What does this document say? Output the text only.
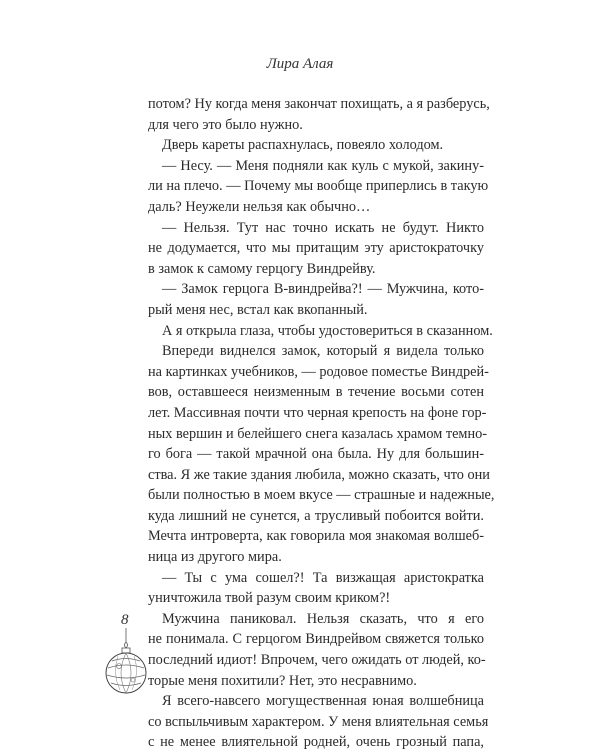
Лира Алая
потом? Ну когда меня закончат похищать, а я разберусь,
для чего это было нужно.
Дверь кареты распахнулась, повеяло холодом.
— Несу. — Меня подняли как куль с мукой, закину-
ли на плечо. — Почему мы вообще приперлись в такую
даль? Неужели нельзя как обычно…
— Нельзя. Тут нас точно искать не будут. Никто
не додумается, что мы притащим эту аристократочку
в замок к самому герцогу Виндрейву.
— Замок герцога В-виндрейва?! — Мужчина, кото-
рый меня нес, встал как вкопанный.
А я открыла глаза, чтобы удостовериться в сказанном.
Впереди виднелся замок, который я видела только
на картинках учебников, — родовое поместье Виндрей-
вов, оставшееся неизменным в течение восьми сотен
лет. Массивная почти что черная крепость на фоне гор-
ных вершин и белейшего снега казалась храмом темно-
го бога — такой мрачной она была. Ну для большин-
ства. Я же такие здания любила, можно сказать, что они
были полностью в моем вкусе — страшные и надежные,
куда лишний не сунется, а трусливый побоится войти.
Мечта интроверта, как говорила моя знакомая волшеб-
ница из другого мира.
— Ты с ума сошел?! Та визжащая аристократка
уничтожила твой разум своим криком?!
Мужчина паниковал. Нельзя сказать, что я его
не понимала. С герцогом Виндрейвом свяжется только
последний идиот! Впрочем, чего ожидать от людей, ко-
торые меня похитили? Нет, это несравнимо.
Я всего-навсего могущественная юная волшебница
со вспыльчивым характером. У меня влиятельная семья
с не менее влиятельной родней, очень грозный папа,
8
